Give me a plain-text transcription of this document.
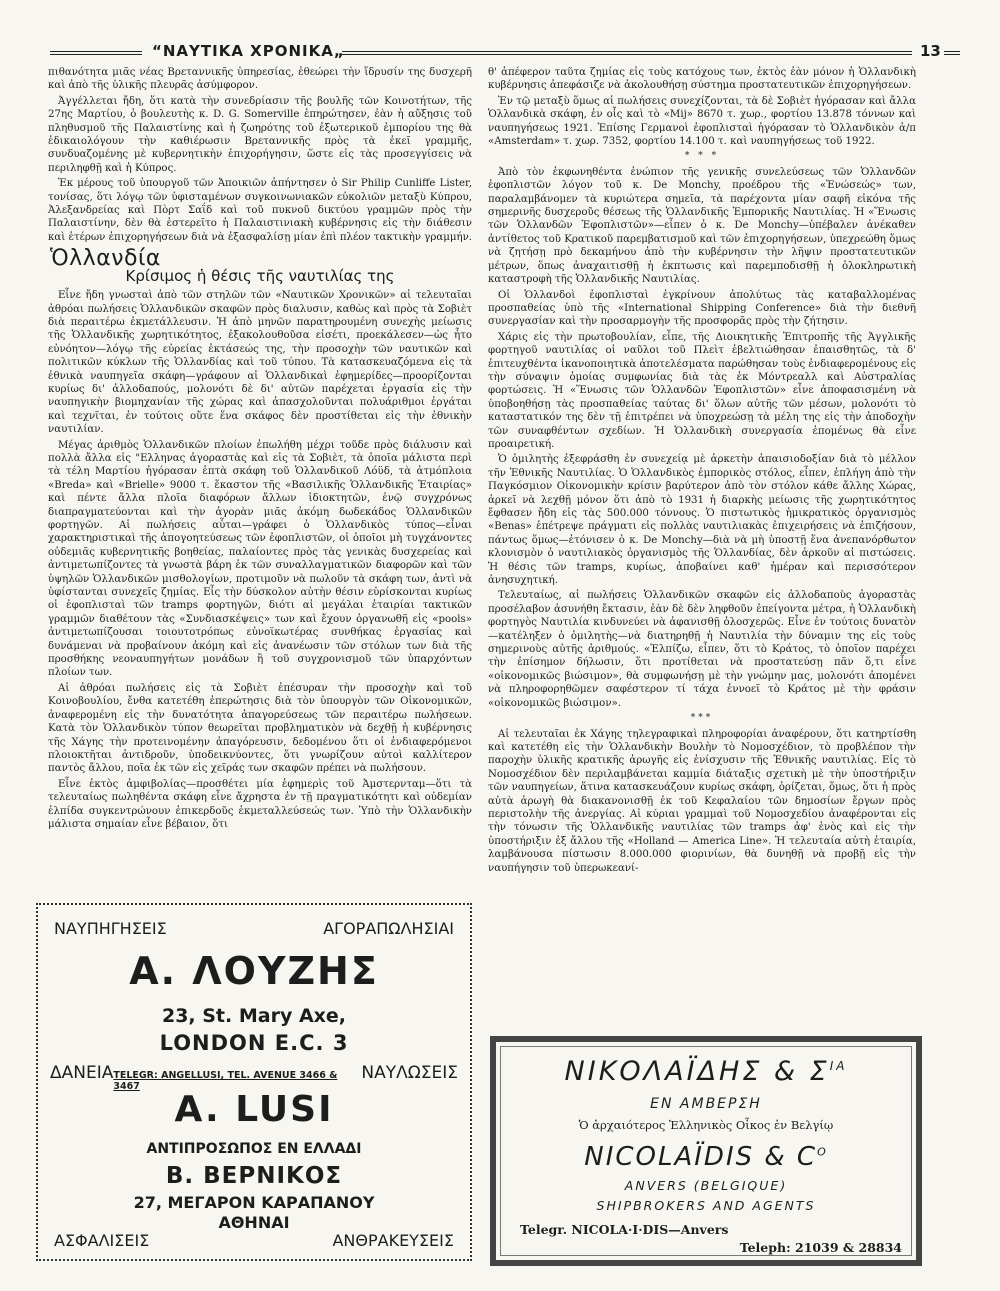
“ΝΑΥΤΙΚΑ ΧΡΟΝΙΚΑ„	13

πιθανότητα μιᾶς νέας Βρεταννικῆς ὑπηρεσίας, ἐθεώρει τὴν ἵδρυσίν της δυσχερῆ καὶ ἀπὸ τῆς ὑλικῆς πλευρᾶς ἀσύμφορον.

Ἀγγέλλεται ἤδη, ὅτι κατὰ τὴν συνεδρίασιν τῆς βουλῆς τῶν Κοινοτήτων, τῆς 27ης Μαρτίου, ὁ βουλευτὴς κ. D. G. Somerville ἐπηρώτησεν, ἐὰν ἡ αὔξησις τοῦ πληθυσμοῦ τῆς Παλαιστίνης καὶ ἡ ζωηρότης τοῦ ἐξωτερικοῦ ἐμπορίου της θὰ ἐδικαιολόγουν τὴν καθιέρωσιν Βρεταννικῆς πρὸς τὰ ἐκεῖ γραμμῆς, συνδυαζομένης μὲ κυβερνητικὴν ἐπιχορήγησιν, ὥστε εἰς τὰς προσεγγίσεις νὰ περιληφθῇ καὶ ἡ Κύπρος.

Ἐκ μέρους τοῦ ὑπουργοῦ τῶν Ἀποικιῶν ἀπήντησεν ὁ Sir Philip Cunliffe Lister, τονίσας, ὅτι λόγῳ τῶν ὑφισταμένων συγκοινωνιακῶν εὐκολιῶν μεταξὺ Κύπρου, Ἀλεξανδρείας καὶ Πὸρτ Σαΐδ καὶ τοῦ πυκνοῦ δικτύου γραμμῶν πρὸς τὴν Παλαιστίνην, δὲν θὰ ἐστερεῖτο ἡ Παλαιστινιακὴ κυβέρνησις εἰς τὴν διάθεσιν καὶ ἑτέρων ἐπιχορηγήσεων διὰ νὰ ἐξασφαλίσῃ μίαν ἐπὶ πλέον τακτικὴν γραμμήν.

Ὁλλανδία
Κρίσιμος ἡ θέσις τῆς ναυτιλίας της

Εἶνε ἤδη γνωσταὶ ἀπὸ τῶν στηλῶν τῶν «Ναυτικῶν Χρονικῶν» αἱ τελευταῖαι ἀθρόαι πωλήσεις Ὁλλανδικῶν σκαφῶν πρὸς διαλυσιν, καθὼς καὶ πρὸς τὰ Σοβιὲτ διὰ περαιτέρω ἐκμετάλλευσιν. Ἡ ἀπὸ μηνῶν παρατηρουμένη συνεχὴς μείωσις τῆς Ὁλλανδικῆς χωρητικότητος, ἐξακολουθοῦσα εἰσέτι, προεκάλεσεν—ὡς ἦτο εὐνόητον—λόγῳ τῆς εὐρείας ἐκτάσεώς της, τὴν προσοχὴν τῶν ναυτικῶν καὶ πολιτικῶν κύκλων τῆς Ὁλλανδίας καὶ τοῦ τύπου. Τὰ κατασκευαζόμενα εἰς τὰ ἐθνικὰ ναυπηγεῖα σκάφη—γράφουν αἱ Ὁλλανδικαὶ ἐφημερίδες—προορίζονται κυρίως δι' ἀλλοδαπούς, μολονότι δὲ δι' αὐτῶν παρέχεται ἐργασία εἰς τὴν ναυπηγικὴν βιομηχανίαν τῆς χώρας καὶ ἀπασχολοῦνται πολυάριθμοι ἐργάται καὶ τεχνῖται, ἐν τούτοις οὔτε ἕνα σκάφος δὲν προστίθεται εἰς τὴν ἐθνικὴν ναυτιλίαν.

Μέγας ἀριθμὸς Ὁλλανδικῶν πλοίων ἐπωλήθη μέχρι τοῦδε πρὸς διάλυσιν καὶ πολλὰ ἄλλα εἰς "Ελληνας ἀγοραστὰς καὶ εἰς τὰ Σοβιὲτ, τὰ ὁποῖα μάλιστα περὶ τὰ τέλη Μαρτίου ἠγόρασαν ἑπτὰ σκάφη τοῦ Ὁλλανδικοῦ Λόϋδ, τὰ ἀτμόπλοια «Breda» καὶ «Brielle» 9000 τ. ἕκαστον τῆς «Βασιλικῆς Ὁλλανδικῆς Ἑταιρίας» καὶ πέντε ἄλλα πλοῖα διαφόρων ἄλλων ἰδιοκτητῶν, ἐνῷ συγχρόνως διαπραγματεύονται καὶ τὴν ἀγορὰν μιᾶς ἀκόμη δωδεκάδος Ὁλλανδικῶν φορτηγῶν. Αἱ πωλήσεις αὗται—γράφει ὁ Ὁλλανδικὸς τύπος—εἶναι χαρακτηριστικαὶ τῆς ἀπογοητεύσεως τῶν ἐφοπλιστῶν, οἱ ὁποῖοι μὴ τυγχάνοντες οὐδεμιᾶς κυβερνητικῆς βοηθείας, παλαίοντες πρὸς τὰς γενικὰς δυσχερείας καὶ ἀντιμετωπίζοντες τὰ γνωστὰ βάρη ἐκ τῶν συναλλαγματικῶν διαφορῶν καὶ τῶν ὑψηλῶν Ὁλλανδικῶν μισθολογίων, προτιμοῦν νὰ πωλοῦν τὰ σκάφη των, ἀντὶ νὰ ὑφίστανται συνεχεῖς ζημίας. Εἶς τὴν δύσκολον αὐτὴν θέσιν εὑρίσκονται κυρίως οἱ ἐφοπλισταὶ τῶν tramps φορτηγῶν, διότι αἱ μεγάλαι ἑταιρίαι τακτικῶν γραμμῶν διαθέτουν τὰς «Συνδιασκέψεις» των καὶ ἔχουν ὀργανωθῆ εἰς «pools» ἀντιμετωπίζουσαι τοιουτοτρόπως εὐνοϊκωτέρας συνθήκας ἐργασίας καὶ δυνάμεναι νὰ προβαίνουν ἀκόμη καὶ εἰς ἀνανέωσιν τῶν στόλων των διὰ τῆς προσθήκης νεοναυπηγήτων μονάδων ἢ τοῦ συγχρονισμοῦ τῶν ὑπαρχόντων πλοίων των.

Αἱ ἀθρόαι πωλήσεις εἰς τὰ Σοβιὲτ ἐπέσυραν τὴν προσοχὴν καὶ τοῦ Κοινοβουλίου, ἔνθα κατετέθη ἐπερώτησις διὰ τὸν ὑπουργὸν τῶν Οἰκονομικῶν, ἀναφερομένη εἰς τὴν δυνατότητα ἀπαγορεύσεως τῶν περαιτέρω πωλήσεων. Κατὰ τὸν Ὁλλανδικὸν τύπον θεωρεῖται προβληματικὸν νὰ δεχθῇ ἡ κυβέρνησις τῆς Χάγης τὴν προτεινομένην ἀπαγόρευσιν, δεδομένου ὅτι οἱ ἐνδιαφερόμενοι πλοιοκτῆται ἀντιδροῦν, ὑποδεικνύοντες, ὅτι γνωρίζουν αὐτοὶ καλλίτερον παντὸς ἄλλου, ποῖα ἐκ τῶν εἰς χεῖράς των σκαφῶν πρέπει νὰ πωλήσουν.

Εἶνε ἐκτὸς ἀμφιβολίας—προσθέτει μία ἐφημερὶς τοῦ Ἀμστερνταμ—ὅτι τὰ τελευταίως πωληθέντα σκάφη εἶνε ἄχρηστα ἐν τῇ πραγματικότητι καὶ οὐδεμίαν ἐλπίδα συγκεντρώνουν ἐπικερδοῦς ἐκμεταλλεύσεώς των. Ὑπὸ τὴν Ὁλλανδικὴν μάλιστα σημαίαν εἶνε βέβαιον, ὅτι

θ' ἀπέφερον ταῦτα ζημίας εἰς τοὺς κατόχους των, ἐκτὸς ἐὰν μόνον ἡ Ὁλλανδικὴ κυβέρνησις ἀπεφάσιζε νὰ ἀκολουθήσῃ σύστημα προστατευτικῶν ἐπιχορηγήσεων.

Ἐν τῷ μεταξὺ ὅμως αἱ πωλήσεις συνεχίζονται, τὰ δὲ Σοβιὲτ ἠγόρασαν καὶ ἄλλα Ὁλλανδικὰ σκάφη, ἐν οἷς καὶ τὸ «Mij» 8670 τ. χωρ., φορτίου 13.878 τόννων καὶ ναυπηγήσεως 1921. Ἐπίσης Γερμανοὶ ἐφοπλισταὶ ἠγόρασαν τὸ Ὁλλανδικὸν ἀ/π «Amsterdam» τ. χωρ. 7352, φορτίου 14.100 τ. καὶ ναυπηγήσεως τοῦ 1922.

* * *

Ἀπὸ τὸν ἐκφωνηθέντα ἐνώπιον τῆς γενικῆς συνελεύσεως τῶν Ὁλλανδῶν ἐφοπλιστῶν λόγον τοῦ κ. De Monchy, προέδρου τῆς «Ἑνώσεώς» των, παραλαμβάνομεν τὰ κυριώτερα σημεῖα, τὰ παρέχοντα μίαν σαφῆ εἰκόνα τῆς σημερινῆς δυσχεροῦς θέσεως τῆς Ὁλλανδικῆς Ἐμπορικῆς Ναυτιλίας. Ἡ «Ἕνωσις τῶν Ὁλλανδῶν Ἐφοπλιστῶν»—εἶπεν ὁ κ. De Monchy—ὑπέβαλεν ἀνέκαθεν ἀντίθετος τοῦ Κρατικοῦ παρεμβατισμοῦ καὶ τῶν ἐπιχορηγήσεων, ὑπεχρεώθη ὅμως νὰ ζητήσῃ πρὸ δεκαμήνου ἀπὸ τὴν κυβέρνησιν τὴν λῆψιν προστατευτικῶν μέτρων, ὅπως ἀναχαιτισθῇ ἡ ἐκπτωσις καὶ παρεμποδισθῇ ἡ ὁλοκληρωτικὴ καταστροφὴ τῆς Ὁλλανδικῆς Ναυτιλίας.

Οἱ Ὁλλανδοὶ ἐφοπλισταὶ ἐγκρίνουν ἀπολύτως τὰς καταβαλλομένας προσπαθείας ὑπὸ τῆς «International Shipping Conference» διὰ τὴν διεθνῆ συνεργασίαν καὶ τὴν προσαρμογὴν τῆς προσφορᾶς πρὸς τὴν ζήτησιν.

Χάρις εἰς τὴν πρωτοβουλίαν, εἶπε, τῆς Διοικητικῆς Ἐπιτροπῆς τῆς Ἀγγλικῆς φορτηγοῦ ναυτιλίας οἱ ναῦλοι τοῦ Πλεὶτ ἐβελτιώθησαν ἐπαισθητῶς, τὰ δ' ἐπιτευχθέντα ἱκανοποιητικὰ ἀποτελέσματα παρώθησαν τοὺς ἐνδιαφερομένους εἰς τὴν σύναψιν ὁμοίας συμφωνίας διὰ τὰς ἐκ Μόντρεαλλ καὶ Αὐστραλίας φορτώσεις. Ἡ «Ἕνωσις τῶν Ὁλλανδῶν Ἐφοπλιστῶν» εἶνε ἀποφασισμένη νὰ ὑποβοηθήσῃ τὰς προσπαθείας ταύτας δι' ὅλων αὐτῆς τῶν μέσων, μολονότι τὸ καταστατικόν της δὲν τῇ ἐπιτρέπει νὰ ὑποχρεώσῃ τὰ μέλη της εἰς τὴν ἀποδοχὴν τῶν συναφθέντων σχεδίων. Ἡ Ὁλλανδικὴ συνεργασία ἐπομένως θὰ εἶνε προαιρετική.

Ὁ ὁμιλητὴς ἐξεφράσθη ἐν συνεχείᾳ μὲ ἀρκετὴν ἀπαισιοδοξίαν διὰ τὸ μέλλον τῆν Ἐθνικῆς Ναυτιλίας. Ὁ Ὁλλανδικὸς ἐμπορικὸς στόλος, εἶπεν, ἐπλήγη ἀπὸ τὴν Παγκόσμιον Οἰκονομικὴν κρίσιν βαρύτερον ἀπὸ τὸν στόλον κάθε ἄλλης Χώρας, ἀρκεῖ νὰ λεχθῇ μόνον ὅτι ἀπὸ τὸ 1931 ἡ διαρκὴς μείωσις τῆς χωρητικότητος ἔφθασεν ἤδη εἰς τὰς 500.000 τόννους. Ὁ πιστωτικὸς ἡμικρατικὸς ὀργανισμὸς «Benas» ἐπέτρεψε πράγματι εἰς πολλὰς ναυτιλιακὰς ἐπιχειρήσεις νὰ ἐπιζήσουν, πάντως ὅμως—ἐτόνισεν ὁ κ. De Monchy—διὰ νὰ μὴ ὑποστῇ ἕνα ἀνεπανόρθωτον κλονισμὸν ὁ ναυτιλιακὸς ὀργανισμὸς τῆς Ὁλλανδίας, δὲν ἀρκοῦν αἱ πιστώσεις. Ἡ θέσις τῶν tramps, κυρίως, ἀποβαίνει καθ' ἡμέραν καὶ περισσότερον ἀνησυχητική.

Τελευταίως, αἱ πωλήσεις Ὁλλανδικῶν σκαφῶν εἰς ἀλλοδαποὺς ἀγοραστὰς προσέλαβον ἀσυνήθη ἔκτασιν, ἐὰν δὲ δὲν ληφθοῦν ἐπείγοντα μέτρα, ἡ Ὁλλανδικὴ φορτηγὸς Ναυτιλία κινδυνεύει νὰ ἀφανισθῇ ὁλοσχερῶς. Εἶνε ἐν τούτοις δυνατὸν—κατέληξεν ὁ ὁμιλητὴς—νὰ διατηρηθῇ ἡ Ναυτιλία τὴν δύναμιν της εἰς τοὺς σημερινοὺς αὐτῆς ἀριθμούς. «Ἐλπίζω, εἶπεν, ὅτι τὸ Κράτος, τὸ ὁποῖον παρέχει τὴν ἐπίσημον δήλωσιν, ὅτι προτίθεται νὰ προστατεύσῃ πᾶν ὅ,τι εἶνε «οἰκονομικῶς βιώσιμον», θὰ συμφωνήσῃ μὲ τὴν γνώμην μας, μολονότι ἀπομένει νὰ πληροφορηθῶμεν σαφέστερον τί τάχα ἐννοεῖ τὸ Κράτος μὲ τὴν φράσιν «οἰκονομικῶς βιώσιμον».

***

Αἱ τελευταῖαι ἐκ Χάγης τηλεγραφικαὶ πληροφορίαι ἀναφέρουν, ὅτι κατηρτίσθη καὶ κατετέθη εἰς τὴν Ὁλλανδικὴν Βουλὴν τὸ Νομοσχέδιον, τὸ προβλέπον τὴν παροχὴν ὑλικῆς κρατικῆς ἀρωγῆς εἰς ἐνίσχυσιν τῆς Ἐθνικῆς ναυτιλίας. Εἰς τὸ Νομοσχέδιον δὲν περιλαμβάνεται καμμία διάταξις σχετικὴ μὲ τὴν ὑποστήριξιν τῶν ναυπηγείων, ἅτινα κατασκευάζουν κυρίως σκάφη, ὁρίζεται, ὅμως, ὅτι ἡ πρὸς αὐτὰ ἀρωγὴ θὰ διακανονισθῇ ἐκ τοῦ Κεφαλαίου τῶν δημοσίων ἔργων πρὸς περιστολὴν τῆς ἀνεργίας. Αἱ κύριαι γραμμαὶ τοῦ Νομοσχεδίου ἀναφέρονται εἰς τὴν τόνωσιν τῆς Ὁλλανδικῆς ναυτιλίας τῶν tramps ἀφ' ἑνὸς καὶ εἰς τὴν ὑποστήριξιν ἐξ ἄλλου τῆς «Holland — America Line». Ἡ τελευταία αὐτὴ ἑταιρία, λαμβάνουσα πίστωσιν 8.000.000 φιορινίων, θὰ δυνηθῇ νὰ προβῇ εἰς τὴν ναυπήγησιν τοῦ ὑπερωκεανί-

ΝΑΥΠΗΓΗΣΕΙΣ	ΑΓΟΡΑΠΩΛΗΣΙΑΙ
Α. ΛΟΥΖΗΣ
23, St. Mary Axe,
LONDON E.C. 3
ΔΑΝΕΙΑ TELEGR: ANGELLUSI, TEL. AVENUE 3466 & 3467
ΝΑΥΛΩΣΕΙΣ
A. LUSI
ΑΝΤΙΠΡΟΣΩΠΟΣ ΕΝ ΕΛΛΑΔΙ
Β. ΒΕΡΝΙΚΟΣ
27, ΜΕΓΑΡΟΝ ΚΑΡΑΠΑΝΟΥ
ΑΘΗΝΑΙ
ΑΣΦΑΛΙΣΕΙΣ	ΑΝΘΡΑΚΕΥΣΕΙΣ
ΝΙΚΟΛΑΪΔΗΣ & $\Sigma^{IA}$
ΕΝ ΑΜΒΕΡΣΗ
Ὁ ἀρχαιότερος Ἑλληνικὸς Οἶκος ἐν Βελγίῳ
NICOLAÏDIS & $C^O$
ANVERS (BELGIQUE)
SHIPBROKERS AND AGENTS
Telegr. NICOLA·I·DIS—Anvers
Teleph: 21039 & 28834
